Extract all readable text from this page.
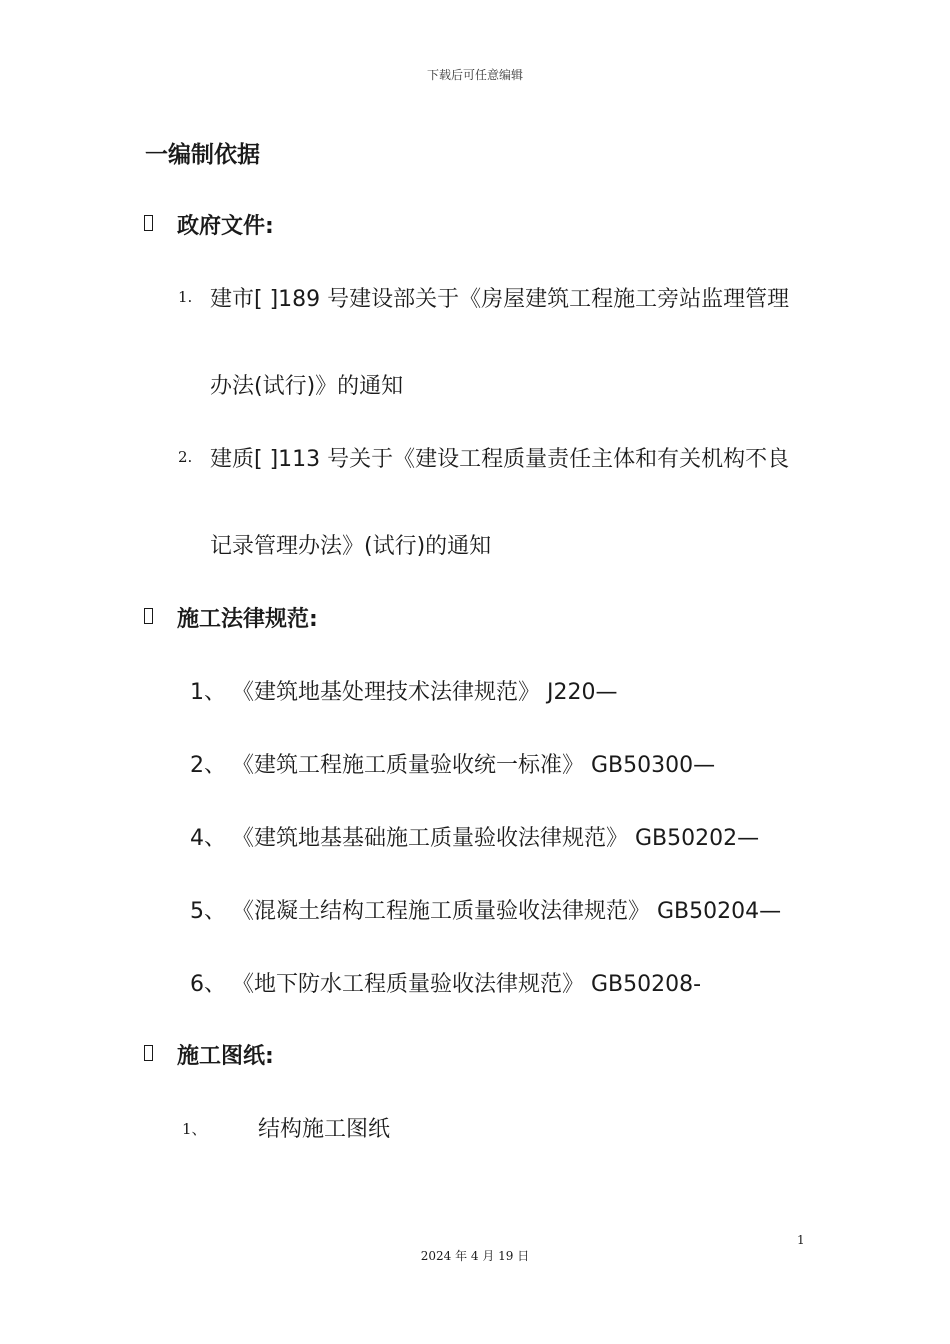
下载后可任意编辑
一编制依据
政府文件:
1. 建市[ ]189 号建设部关于《房屋建筑工程施工旁站监理管理
办法(试行)》的通知
2. 建质[ ]113 号关于《建设工程质量责任主体和有关机构不良
记录管理办法》(试行)的通知
施工法律规范:
1、 《建筑地基处理技术法律规范》 J220—
2、 《建筑工程施工质量验收统一标准》 GB50300—
4、 《建筑地基基础施工质量验收法律规范》 GB50202—
5、 《混凝土结构工程施工质量验收法律规范》 GB50204—
6、 《地下防水工程质量验收法律规范》 GB50208-
施工图纸:
1、 结构施工图纸
1
2024 年 4 月 19 日
